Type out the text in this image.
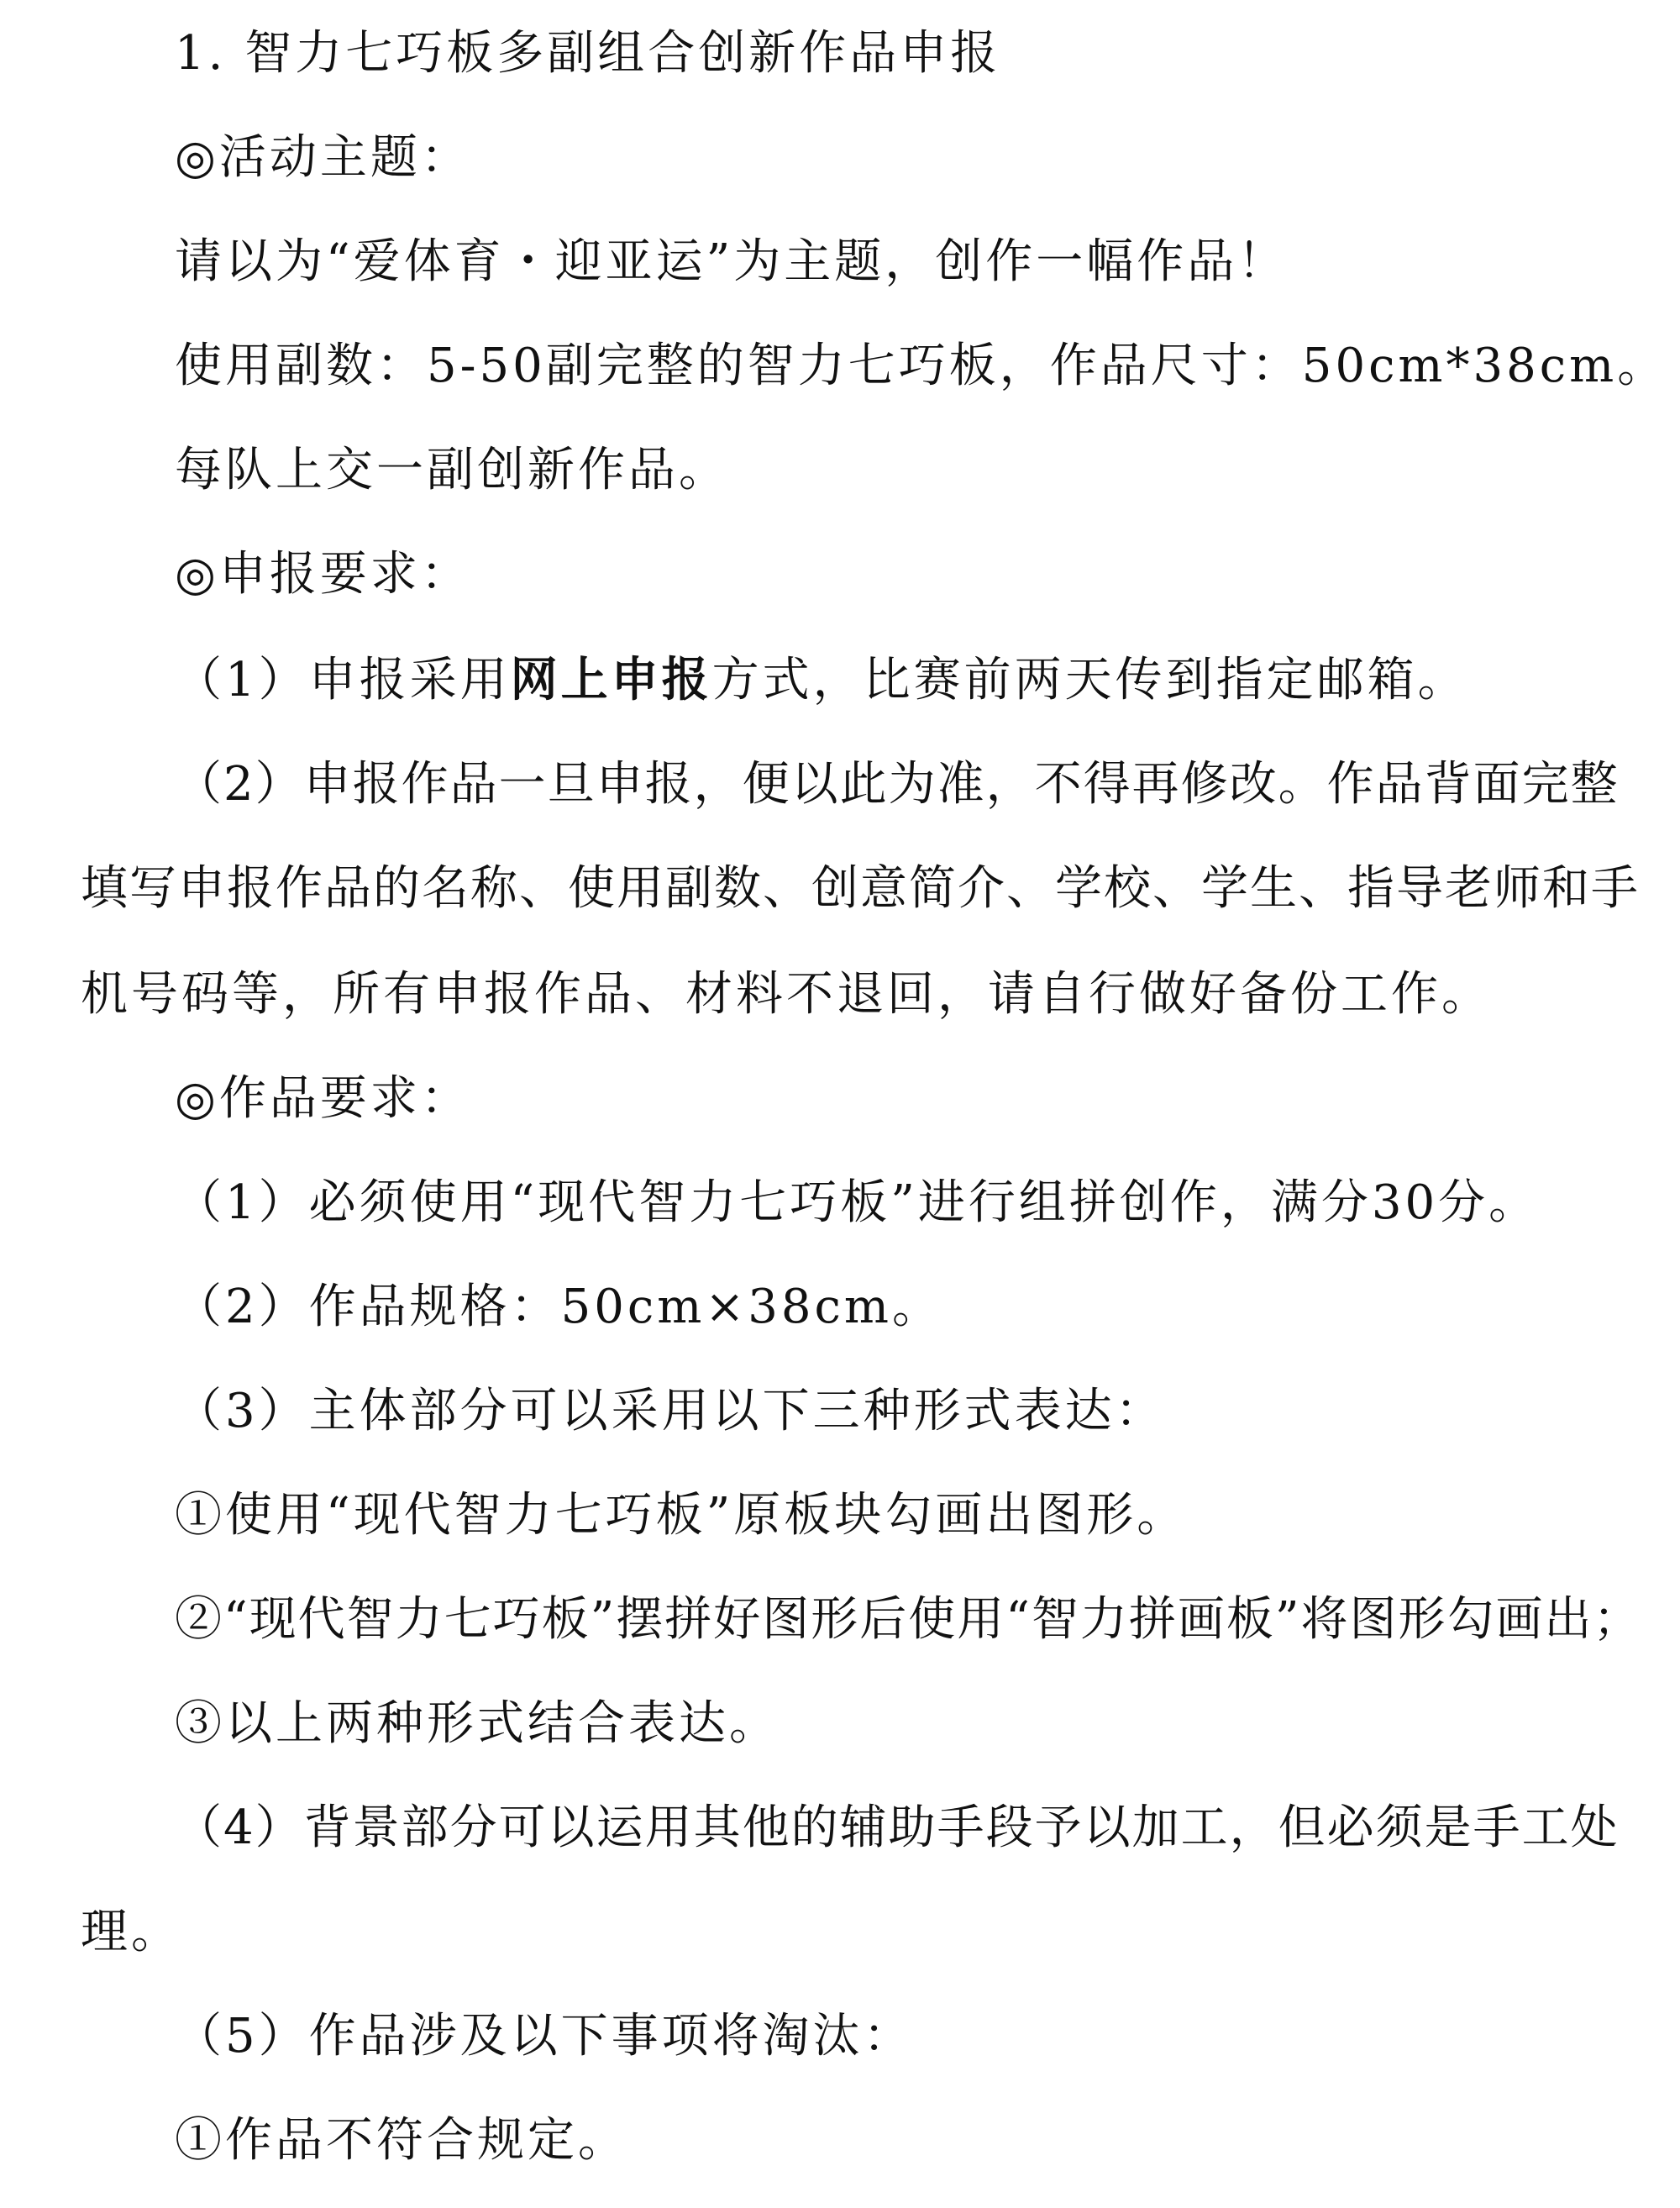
1. 智力七巧板多副组合创新作品申报
◎活动主题：
请以为“爱体育・迎亚运”为主题，创作一幅作品！
使用副数：5-50副完整的智力七巧板，作品尺寸：50cm*38cm。
每队上交一副创新作品。
◎申报要求：
（1）申报采用网上申报方式，比赛前两天传到指定邮箱。
（2）申报作品一旦申报，便以此为准，不得再修改。作品背面完整
填写申报作品的名称、使用副数、创意简介、学校、学生、指导老师和手
机号码等，所有申报作品、材料不退回，请自行做好备份工作。
◎作品要求：
（1）必须使用“现代智力七巧板”进行组拼创作，满分30分。
（2）作品规格：50cm×38cm。
（3）主体部分可以采用以下三种形式表达：
①使用“现代智力七巧板”原板块勾画出图形。
②“现代智力七巧板”摆拼好图形后使用“智力拼画板”将图形勾画出；
③以上两种形式结合表达。
（4）背景部分可以运用其他的辅助手段予以加工，但必须是手工处
理。
（5）作品涉及以下事项将淘汰：
①作品不符合规定。
